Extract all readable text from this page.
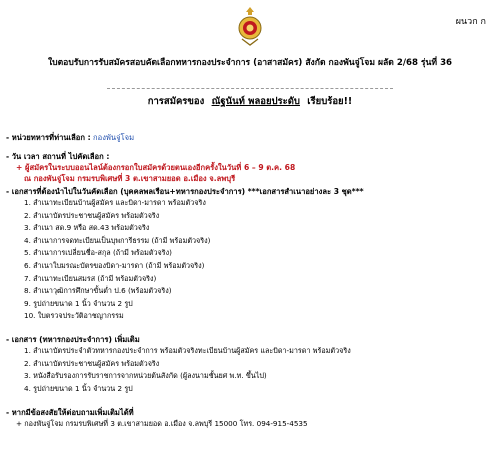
ผนวก ก
ใบตอบรับการรับสมัครสอบคัดเลือกทหารกองประจำการ (อาสาสมัคร) สังกัด กองพันจู่โจม ผลัด 2/68 รุ่นที่ 36
การสมัครของ ณัฐนันท์ พลอยประดับ เรียบร้อย!!
- หน่วยทหารที่ท่านเลือก : กองพันจู่โจม
- วัน เวลา สถานที่ ไปคัดเลือก :
+ ผู้สมัครในระบบออนไลน์ต้องกรอกใบสมัครด้วยตนเองอีกครั้งในวันที่ 6 – 9 ต.ค. 68
ณ กองพันจู่โจม กรมรบพิเศษที่ 3 ต.เขาสามยอด อ.เมือง จ.ลพบุรี
- เอกสารที่ต้องนำไปในวันคัดเลือก (บุคคลพลเรือน+ทหารกองประจำการ) ***เอกสารสำเนาอย่างละ 3 ชุด***
1. สำเนาทะเบียนบ้านผู้สมัคร และบิดา-มารดา พร้อมตัวจริง
2. สำเนาบัตรประชาชนผู้สมัคร พร้อมตัวจริง
3. สำเนา สด.9 หรือ สด.43 พร้อมตัวจริง
4. สำเนาการจดทะเบียนเป็นบุพการีธรรม (ถ้ามี พร้อมตัวจริง)
5. สำเนาการเปลี่ยนชื่อ-สกุล (ถ้ามี พร้อมตัวจริง)
6. สำเนาใบมรณะบัตรของบิดา-มารดา (ถ้ามี พร้อมตัวจริง)
7. สำเนาทะเบียนสมรส (ถ้ามี พร้อมตัวจริง)
8. สำเนาวุฒิการศึกษาขั้นต่ำ ป.6 (พร้อมตัวจริง)
9. รูปถ่ายขนาด 1 นิ้ว จำนวน 2 รูป
10. ใบตรวจประวัติอาชญากรรม
- เอกสาร (ทหารกองประจำการ) เพิ่มเติม
1. สำเนาบัตรประจำตัวทหารกองประจำการ พร้อมตัวจริงทะเบียนบ้านผู้สมัคร และบิดา-มารดา พร้อมตัวจริง
2. สำเนาบัตรประชาชนผู้สมัคร พร้อมตัวจริง
3. หนังสือรับรองการรับราชการจากหน่วยต้นสังกัด (ผู้ลงนามชั้นยศ พ.ท. ขึ้นไป)
4. รูปถ่ายขนาด 1 นิ้ว จำนวน 2 รูป
- หากมีข้อสงสัยให้ต่อบถามเพิ่มเติมได้ที่
+ กองพันจู่โจม กรมรบพิเศษที่ 3 ต.เขาสามยอด อ.เมือง จ.ลพบุรี 15000 โทร. 094-915-4535
